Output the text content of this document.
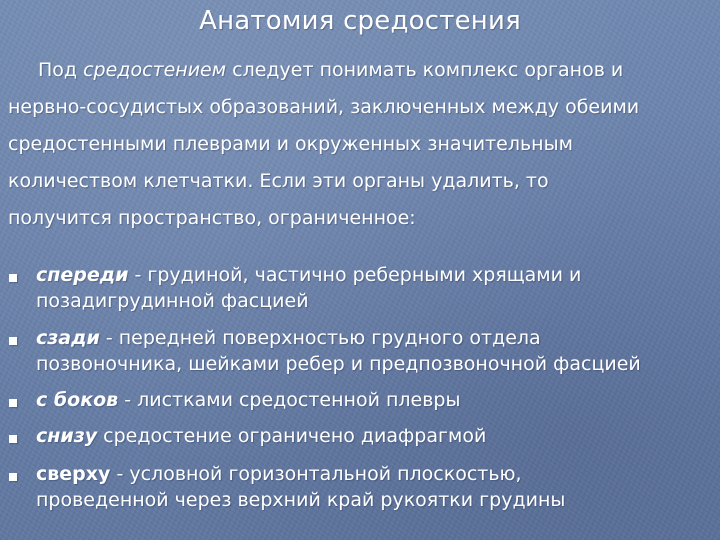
Анатомия средостения
Под средостением следует понимать комплекс органов и
нервно-сосудистых образований, заключенных между обеими
средостенными плеврами и окруженных значительным
количеством клетчатки. Если эти органы удалить, то
получится пространство, ограниченное:
спереди - грудиной, частично реберными хрящами и
позадигрудинной фасцией
сзади - передней поверхностью грудного отдела
позвоночника, шейками ребер и предпозвоночной фасцией
с боков - листками средостенной плевры
снизу средостение ограничено диафрагмой
сверху - условной горизонтальной плоскостью,
проведенной через верхний край рукоятки грудины
